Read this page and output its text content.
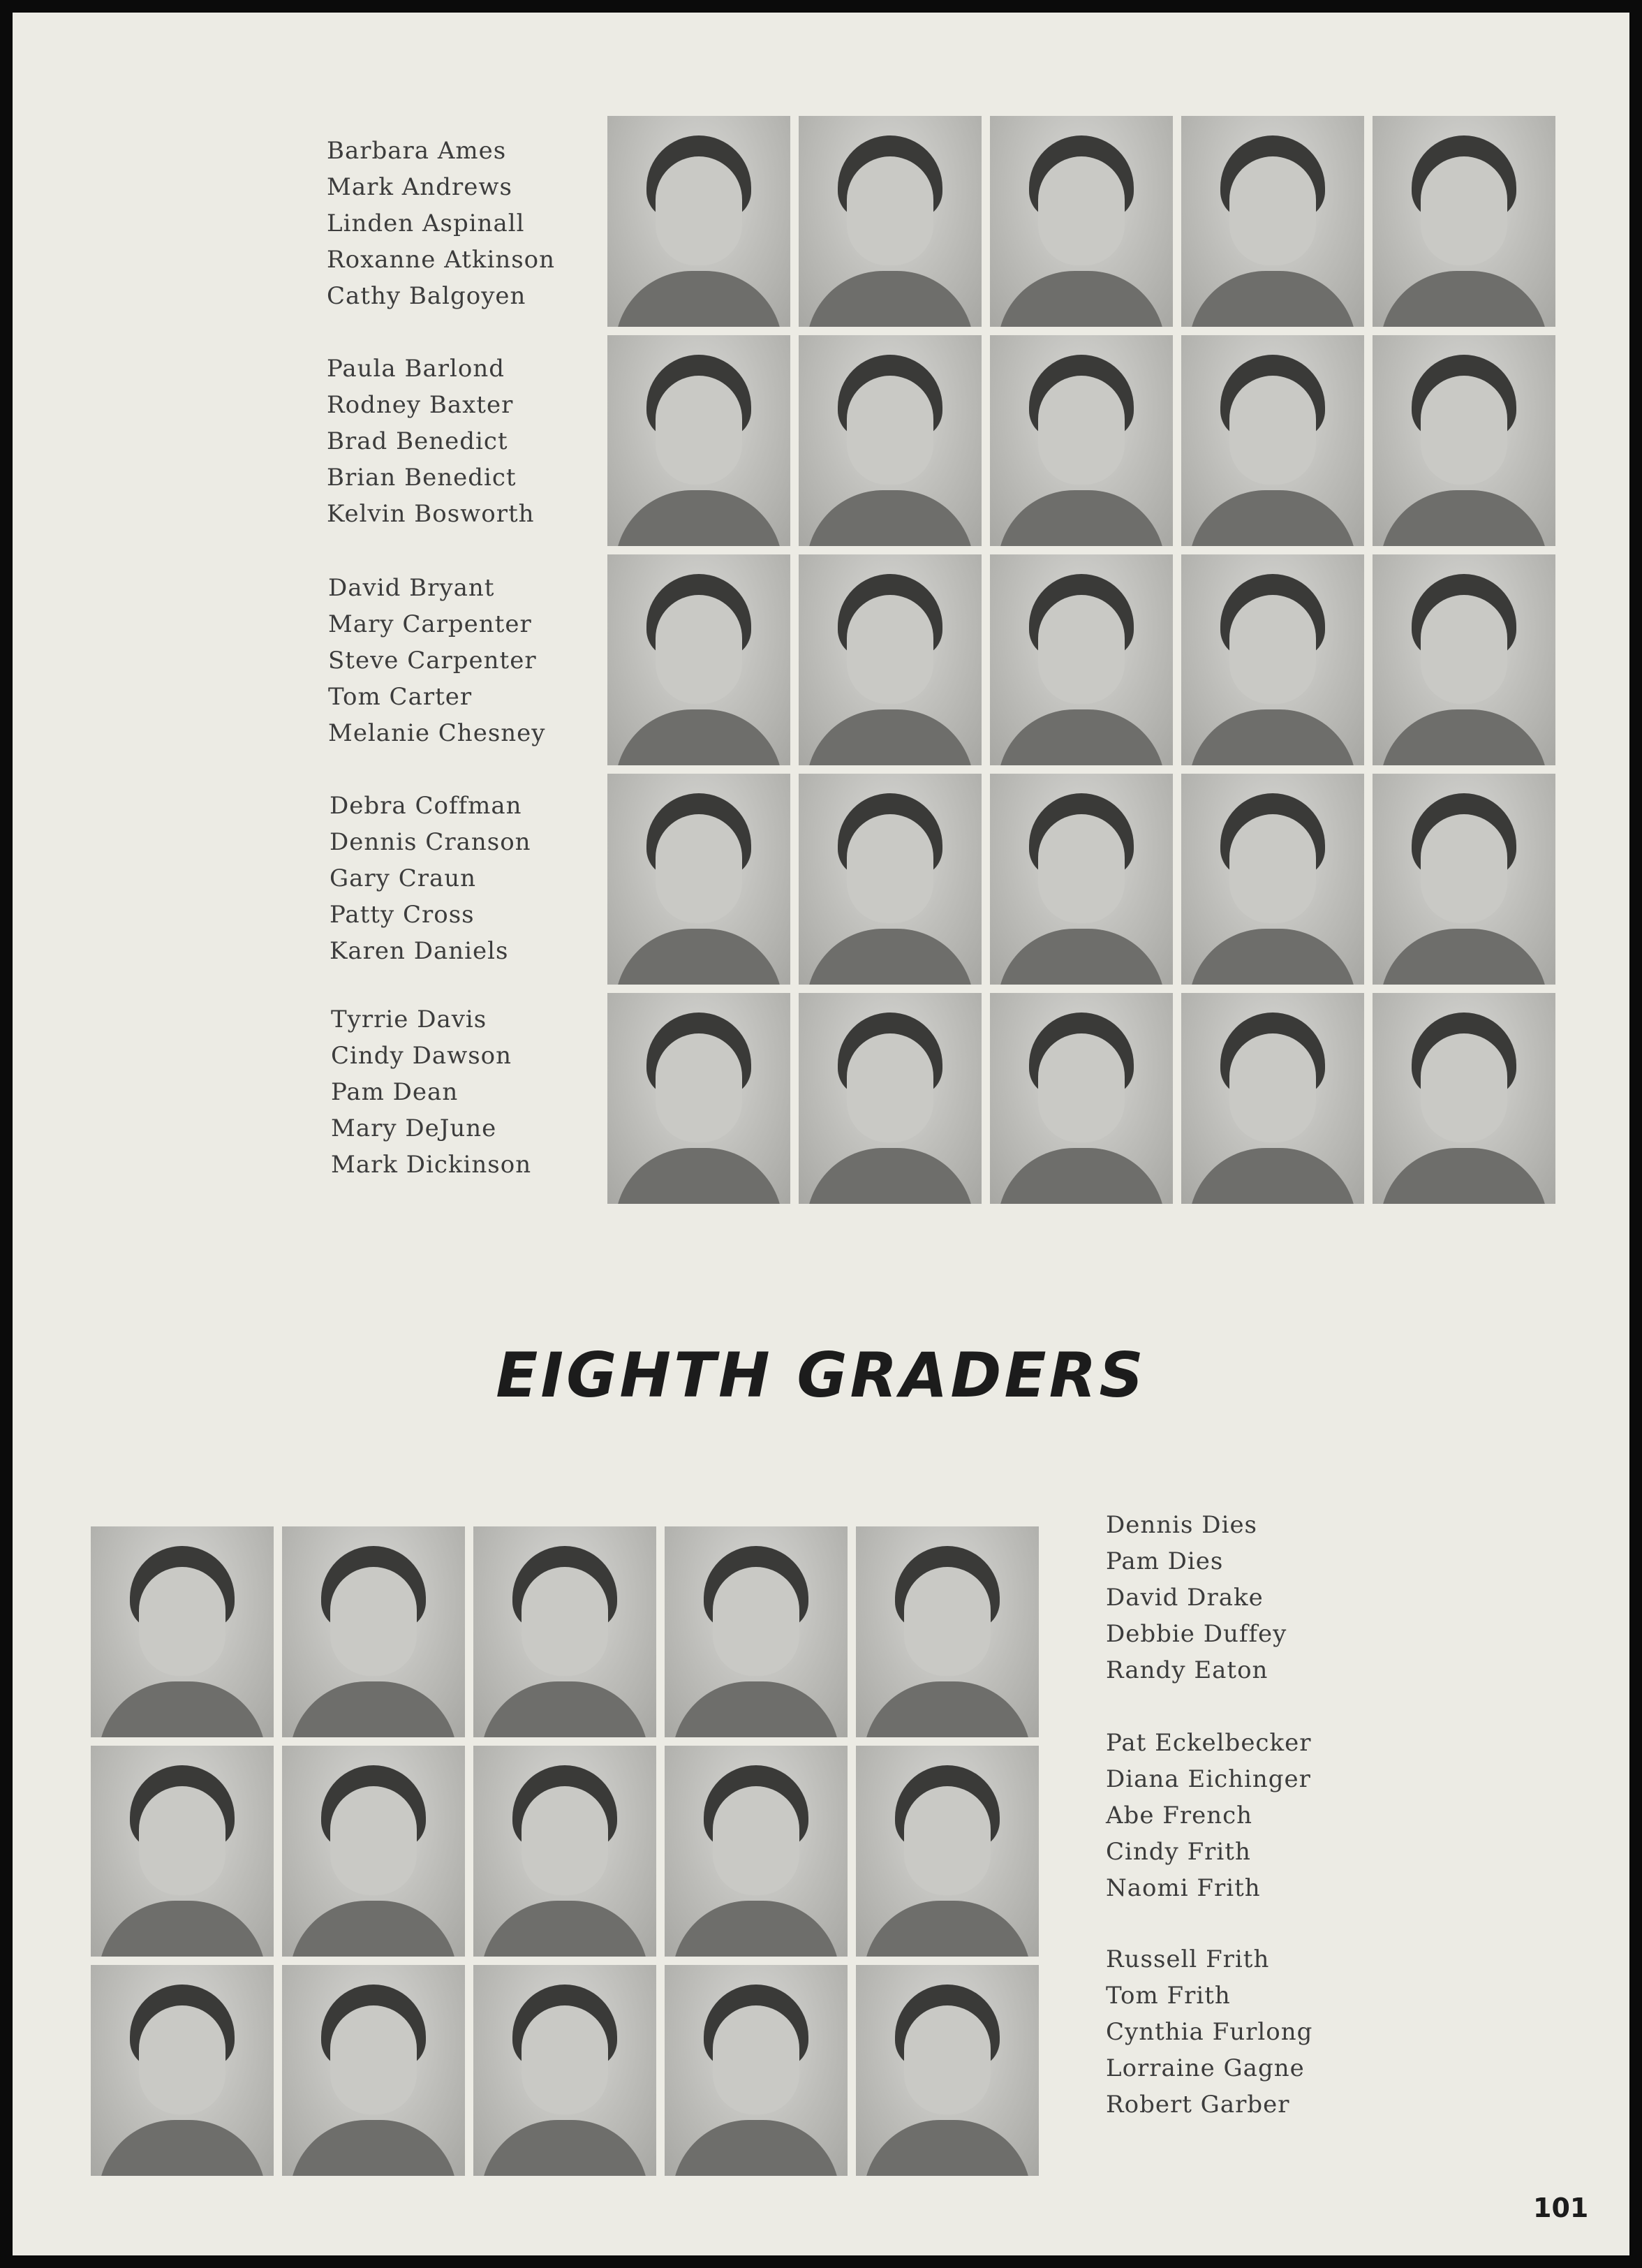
Barbara Ames
Mark Andrews
Linden Aspinall
Roxanne Atkinson
Cathy Balgoyen
Paula Barlond
Rodney Baxter
Brad Benedict
Brian Benedict
Kelvin Bosworth
David Bryant
Mary Carpenter
Steve Carpenter
Tom Carter
Melanie Chesney
Debra Coffman
Dennis Cranson
Gary Craun
Patty Cross
Karen Daniels
Tyrrie Davis
Cindy Dawson
Pam Dean
Mary DeJune
Mark Dickinson
EIGHTH GRADERS
Dennis Dies
Pam Dies
David Drake
Debbie Duffey
Randy Eaton
Pat Eckelbecker
Diana Eichinger
Abe French
Cindy Frith
Naomi Frith
Russell Frith
Tom Frith
Cynthia Furlong
Lorraine Gagne
Robert Garber
101
